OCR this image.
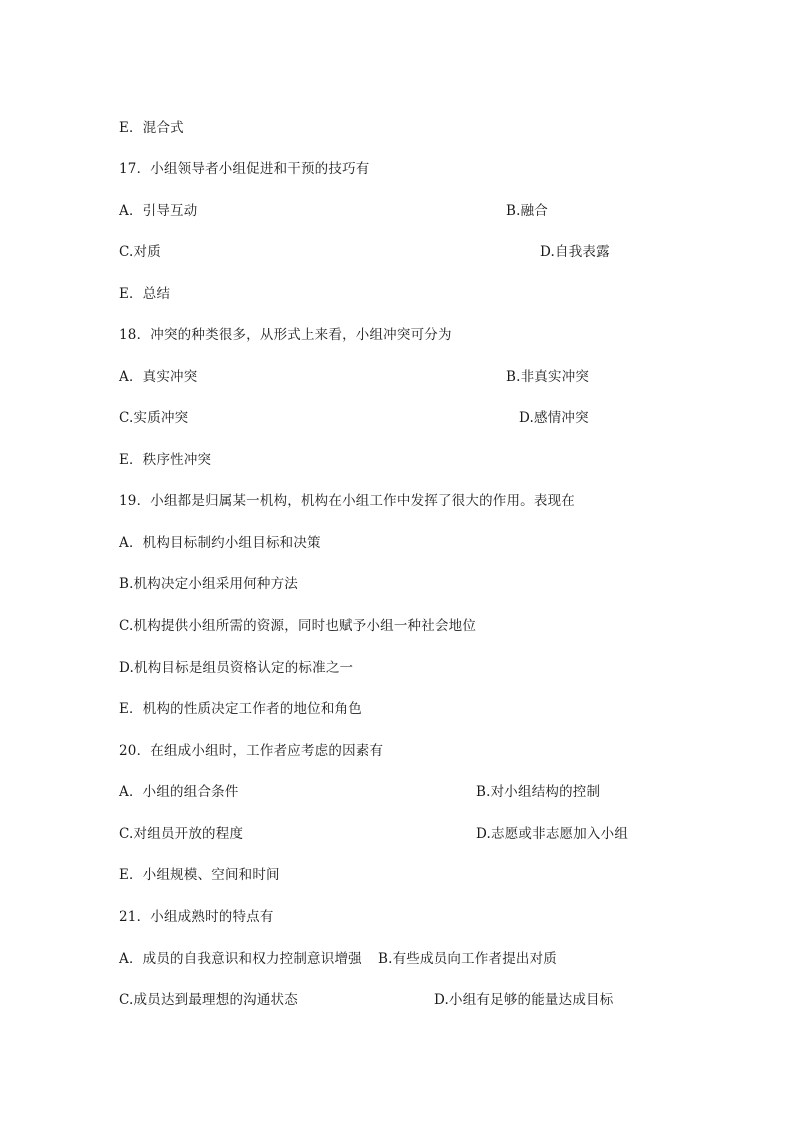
E．混合式
17．小组领导者小组促进和干预的技巧有
A．引导互动	B.融合
C.对质	D.自我表露
E．总结
18．冲突的种类很多，从形式上来看，小组冲突可分为
A．真实冲突	B.非真实冲突
C.实质冲突	D.感情冲突
E．秩序性冲突
19．小组都是归属某一机构，机构在小组工作中发挥了很大的作用。表现在
A．机构目标制约小组目标和决策
B.机构决定小组采用何种方法
C.机构提供小组所需的资源，同时也赋予小组一种社会地位
D.机构目标是组员资格认定的标准之一
E．机构的性质决定工作者的地位和角色
20．在组成小组时，工作者应考虑的因素有
A．小组的组合条件	B.对小组结构的控制
C.对组员开放的程度	D.志愿或非志愿加入小组
E．小组规模、空间和时间
21．小组成熟时的特点有
A．成员的自我意识和权力控制意识增强 B.有些成员向工作者提出对质
C.成员达到最理想的沟通状态	D.小组有足够的能量达成目标
